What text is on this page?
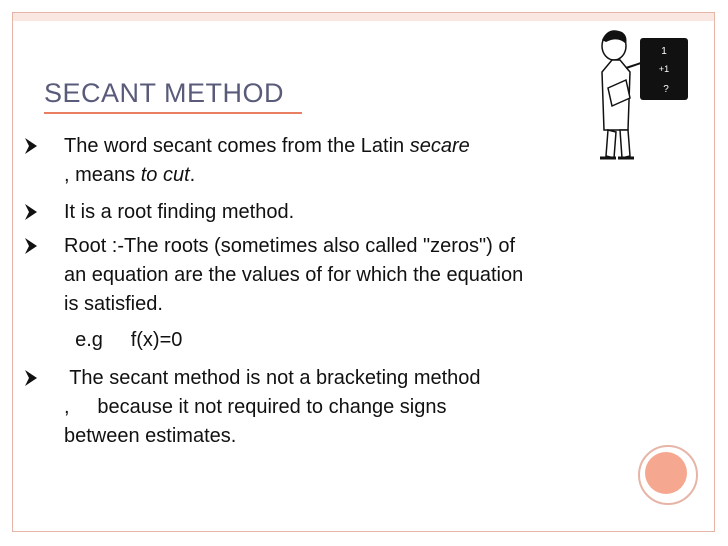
SECANT METHOD
1
+1
?
The word secant comes from the Latin secare
, means to cut.
It is a root finding method.
Root :-The roots (sometimes also called "zeros") of
an equation are the values of for which the equation
is satisfied.
e.g     f(x)=0
The secant method is not a bracketing method
,     because it not required to change signs
between estimates.
